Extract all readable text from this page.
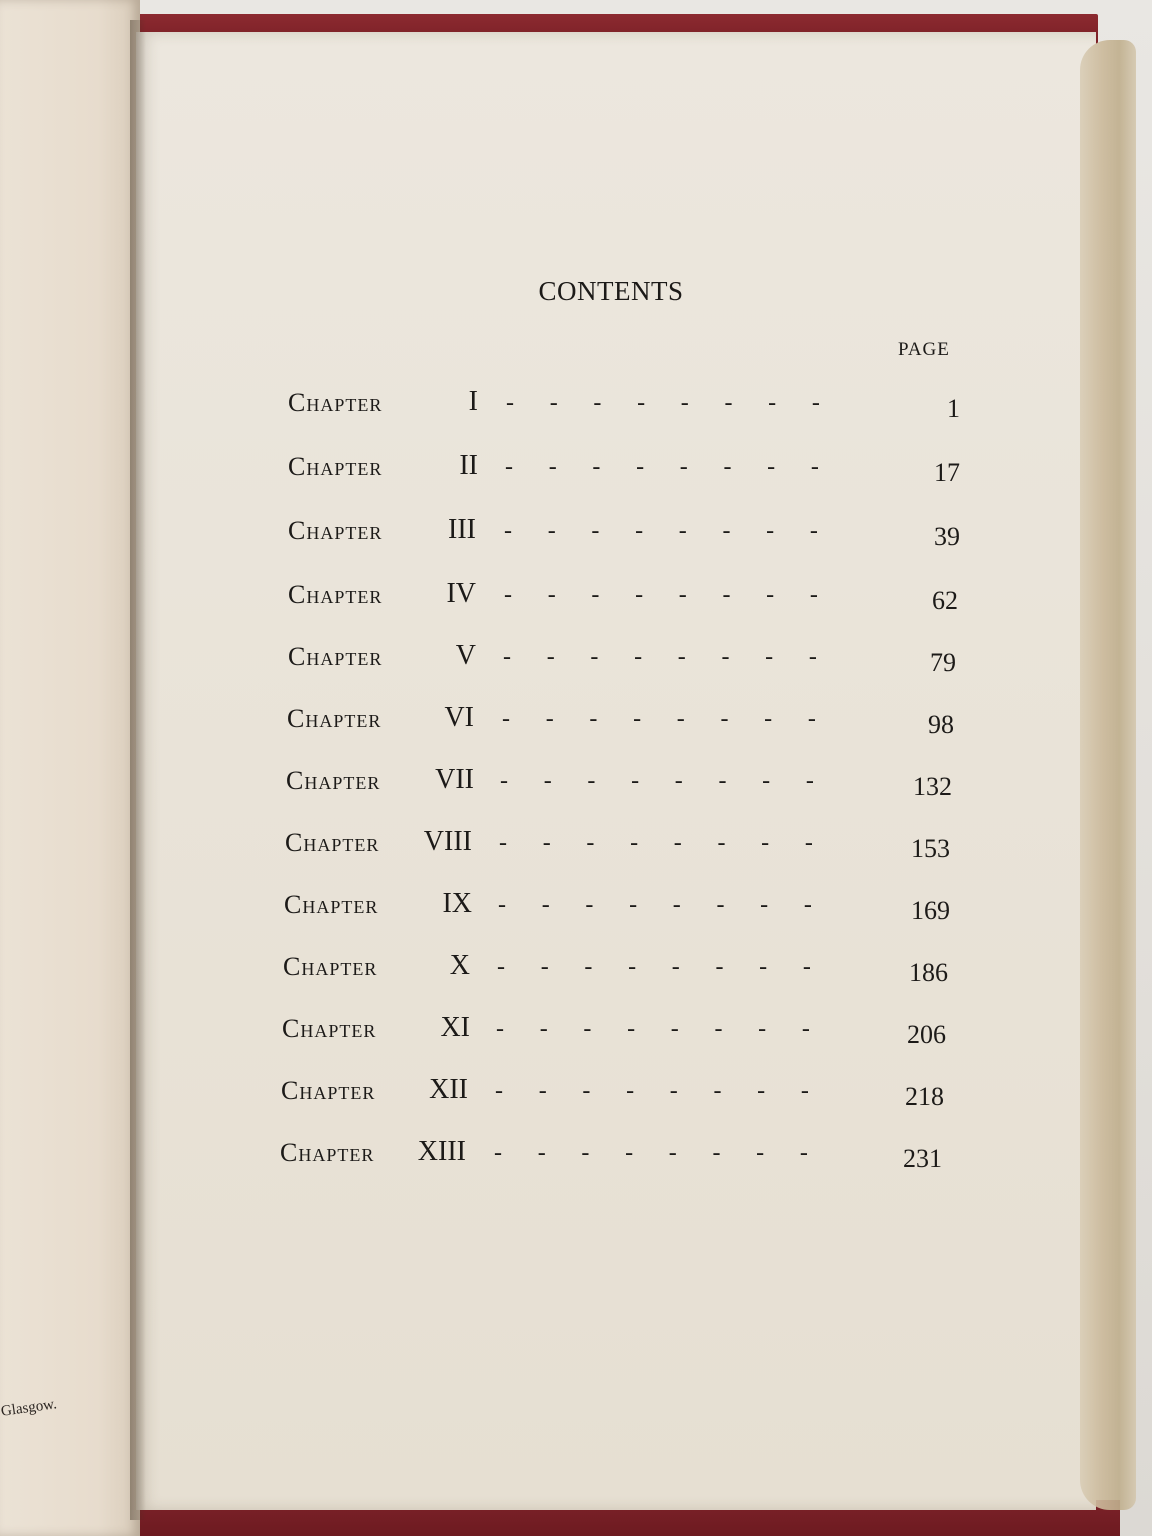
Glasgow.
CONTENTS
PAGE
Chapter	I -     -     -     -     -     -     -     -	1
Chapter	II -     -     -     -     -     -     -     -	17
Chapter	III -     -     -     -     -     -     -     -	39
Chapter	IV -     -     -     -     -     -     -     -	62
Chapter	V -     -     -     -     -     -     -     -	79
Chapter	VI -     -     -     -     -     -     -     -	98
Chapter	VII -     -     -     -     -     -     -     -	132
Chapter	VIII -     -     -     -     -     -     -     -	153
Chapter	IX -     -     -     -     -     -     -     -	169
Chapter	X -     -     -     -     -     -     -     -	186
Chapter	XI -     -     -     -     -     -     -     -	206
Chapter	XII -     -     -     -     -     -     -     -	218
Chapter	XIII -     -     -     -     -     -     -     -	231
